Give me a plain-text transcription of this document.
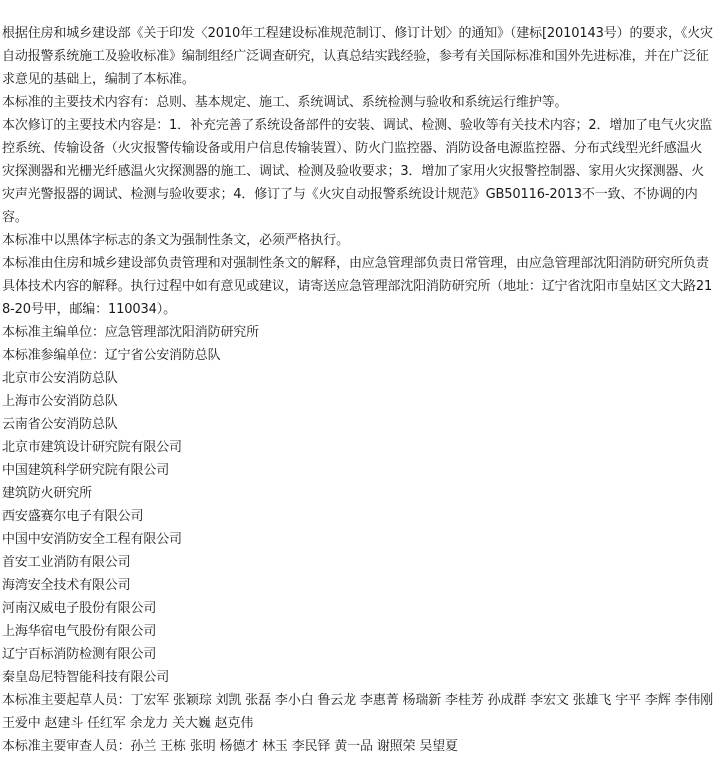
根据住房和城乡建设部《关于印发〈2010年工程建设标准规范制订、修订计划〉的通知》（建标[2010143号）的要求，《火灾自动报警系统施工及验收标准》编制组经广泛调查研究，认真总结实践经验，参考有关国际标准和国外先进标准，并在广泛征求意见的基础上，编制了本标准。

本标准的主要技术内容有：总则、基本规定、施工、系统调试、系统检测与验收和系统运行维护等。

本次修订的主要技术内容是：1．补充完善了系统设备部件的安装、调试、检测、验收等有关技术内容；2．增加了电气火灾监控系统、传输设备（火灾报警传输设备或用户信息传输装置）、防火门监控器、消防设备电源监控器、分布式线型光纤感温火灾探测器和光栅光纤感温火灾探测器的施工、调试、检测及验收要求；3．增加了家用火灾报警控制器、家用火灾探测器、火灾声光警报器的调试、检测与验收要求；4．修订了与《火灾自动报警系统设计规范》GB50116-2013不一致、不协调的内容。

本标准中以黑体字标志的条文为强制性条文，必须严格执行。

本标准由住房和城乡建设部负责管理和对强制性条文的解释，由应急管理部负责日常管理，由应急管理部沈阳消防研究所负责具体技术内容的解释。执行过程中如有意见或建议，请寄送应急管理部沈阳消防研究所（地址：辽宁省沈阳市皇姑区文大路218-20号甲，邮编：110034）。

本标准主编单位：应急管理部沈阳消防研究所

本标准参编单位：辽宁省公安消防总队

北京市公安消防总队

上海市公安消防总队

云南省公安消防总队

北京市建筑设计研究院有限公司

中国建筑科学研究院有限公司

建筑防火研究所

西安盛赛尔电子有限公司

中国中安消防安全工程有限公司

首安工业消防有限公司

海湾安全技术有限公司

河南汉威电子股份有限公司

上海华宿电气股份有限公司

辽宁百标消防检测有限公司

秦皇岛尼特智能科技有限公司

本标准主要起草人员：丁宏军 张颖琮 刘凯 张磊 李小白 鲁云龙 李惠菁 杨瑞新 李桂芳 孙成群 李宏文 张雄飞 宇平 李辉 李伟刚 王爱中 赵建斗 任红军 余龙力 关大巍 赵克伟

本标准主要审查人员：孙兰 王栋 张明 杨德才 林玉 李民铎 黄一品 谢照荣 吴望夏
